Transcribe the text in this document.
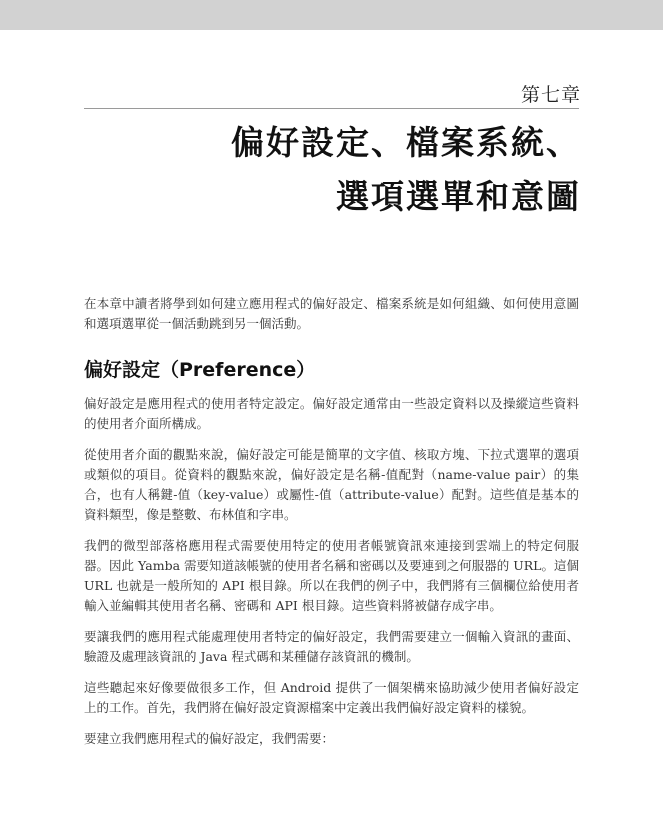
第七章
偏好設定、檔案系統、
選項選單和意圖

在本章中讀者將學到如何建立應用程式的偏好設定、檔案系統是如何組織、如何使用意圖和選項選單從一個活動跳到另一個活動。

偏好設定（Preference）

偏好設定是應用程式的使用者特定設定。偏好設定通常由一些設定資料以及操縱這些資料的使用者介面所構成。

從使用者介面的觀點來說，偏好設定可能是簡單的文字值、核取方塊、下拉式選單的選項或類似的項目。從資料的觀點來說，偏好設定是名稱-值配對（name-value pair）的集合，也有人稱鍵-值（key-value）或屬性-值（attribute-value）配對。這些值是基本的資料類型，像是整數、布林值和字串。

我們的微型部落格應用程式需要使用特定的使用者帳號資訊來連接到雲端上的特定伺服器。因此 Yamba 需要知道該帳號的使用者名稱和密碼以及要連到之何服器的 URL。這個 URL 也就是一般所知的 API 根目錄。所以在我們的例子中，我們將有三個欄位給使用者輸入並編輯其使用者名稱、密碼和 API 根目錄。這些資料將被儲存成字串。

要讓我們的應用程式能處理使用者特定的偏好設定，我們需要建立一個輸入資訊的畫面、驗證及處理該資訊的 Java 程式碼和某種儲存該資訊的機制。

這些聽起來好像要做很多工作，但 Android 提供了一個架構來協助減少使用者偏好設定上的工作。首先，我們將在偏好設定資源檔案中定義出我們偏好設定資料的樣貌。

要建立我們應用程式的偏好設定，我們需要：
